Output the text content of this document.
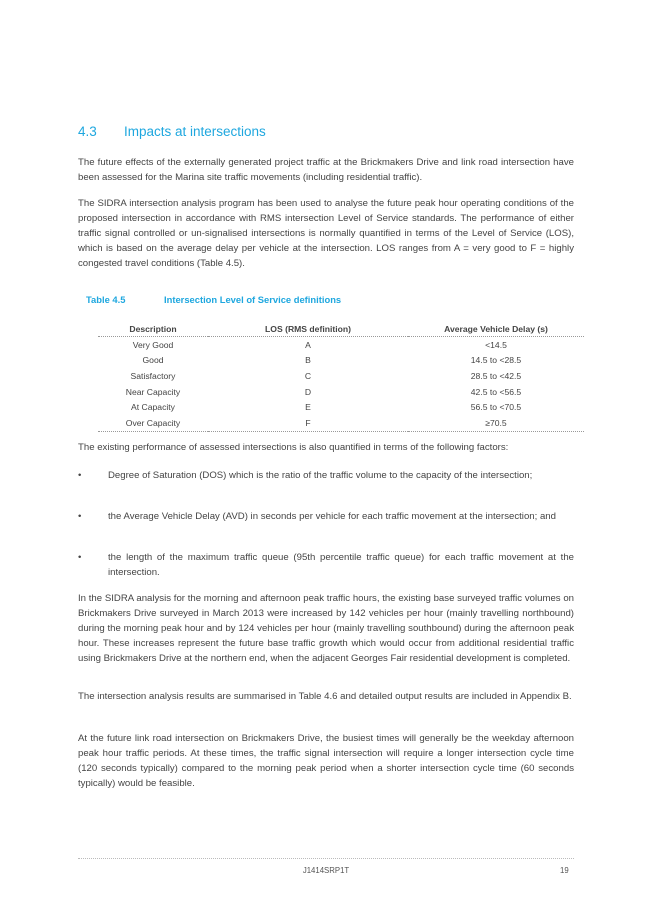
4.3 Impacts at intersections

The future effects of the externally generated project traffic at the Brickmakers Drive and link road intersection have been assessed for the Marina site traffic movements (including residential traffic).

The SIDRA intersection analysis program has been used to analyse the future peak hour operating conditions of the proposed intersection in accordance with RMS intersection Level of Service standards. The performance of either traffic signal controlled or un-signalised intersections is normally quantified in terms of the Level of Service (LOS), which is based on the average delay per vehicle at the intersection. LOS ranges from A = very good to F = highly congested travel conditions (Table 4.5).

Table 4.5	Intersection Level of Service definitions
Description	LOS (RMS definition)	Average Vehicle Delay (s)
Very Good	A	<14.5
Good	B	14.5 to <28.5
Satisfactory	C	28.5 to <42.5
Near Capacity	D	42.5 to <56.5
At Capacity	E	56.5 to <70.5
Over Capacity	F	≥70.5

The existing performance of assessed intersections is also quantified in terms of the following factors:

•	Degree of Saturation (DOS) which is the ratio of the traffic volume to the capacity of the intersection;
•	the Average Vehicle Delay (AVD) in seconds per vehicle for each traffic movement at the intersection; and
•	the length of the maximum traffic queue (95th percentile traffic queue) for each traffic movement at the intersection.

In the SIDRA analysis for the morning and afternoon peak traffic hours, the existing base surveyed traffic volumes on Brickmakers Drive surveyed in March 2013 were increased by 142 vehicles per hour (mainly travelling northbound) during the morning peak hour and by 124 vehicles per hour (mainly travelling southbound) during the afternoon peak hour. These increases represent the future base traffic growth which would occur from additional residential traffic using Brickmakers Drive at the northern end, when the adjacent Georges Fair residential development is completed.

The intersection analysis results are summarised in Table 4.6 and detailed output results are included in Appendix B.

At the future link road intersection on Brickmakers Drive, the busiest times will generally be the weekday afternoon peak hour traffic periods. At these times, the traffic signal intersection will require a longer intersection cycle time (120 seconds typically) compared to the morning peak period when a shorter intersection cycle time (60 seconds typically) would be feasible.

J1414SRP1T	19
